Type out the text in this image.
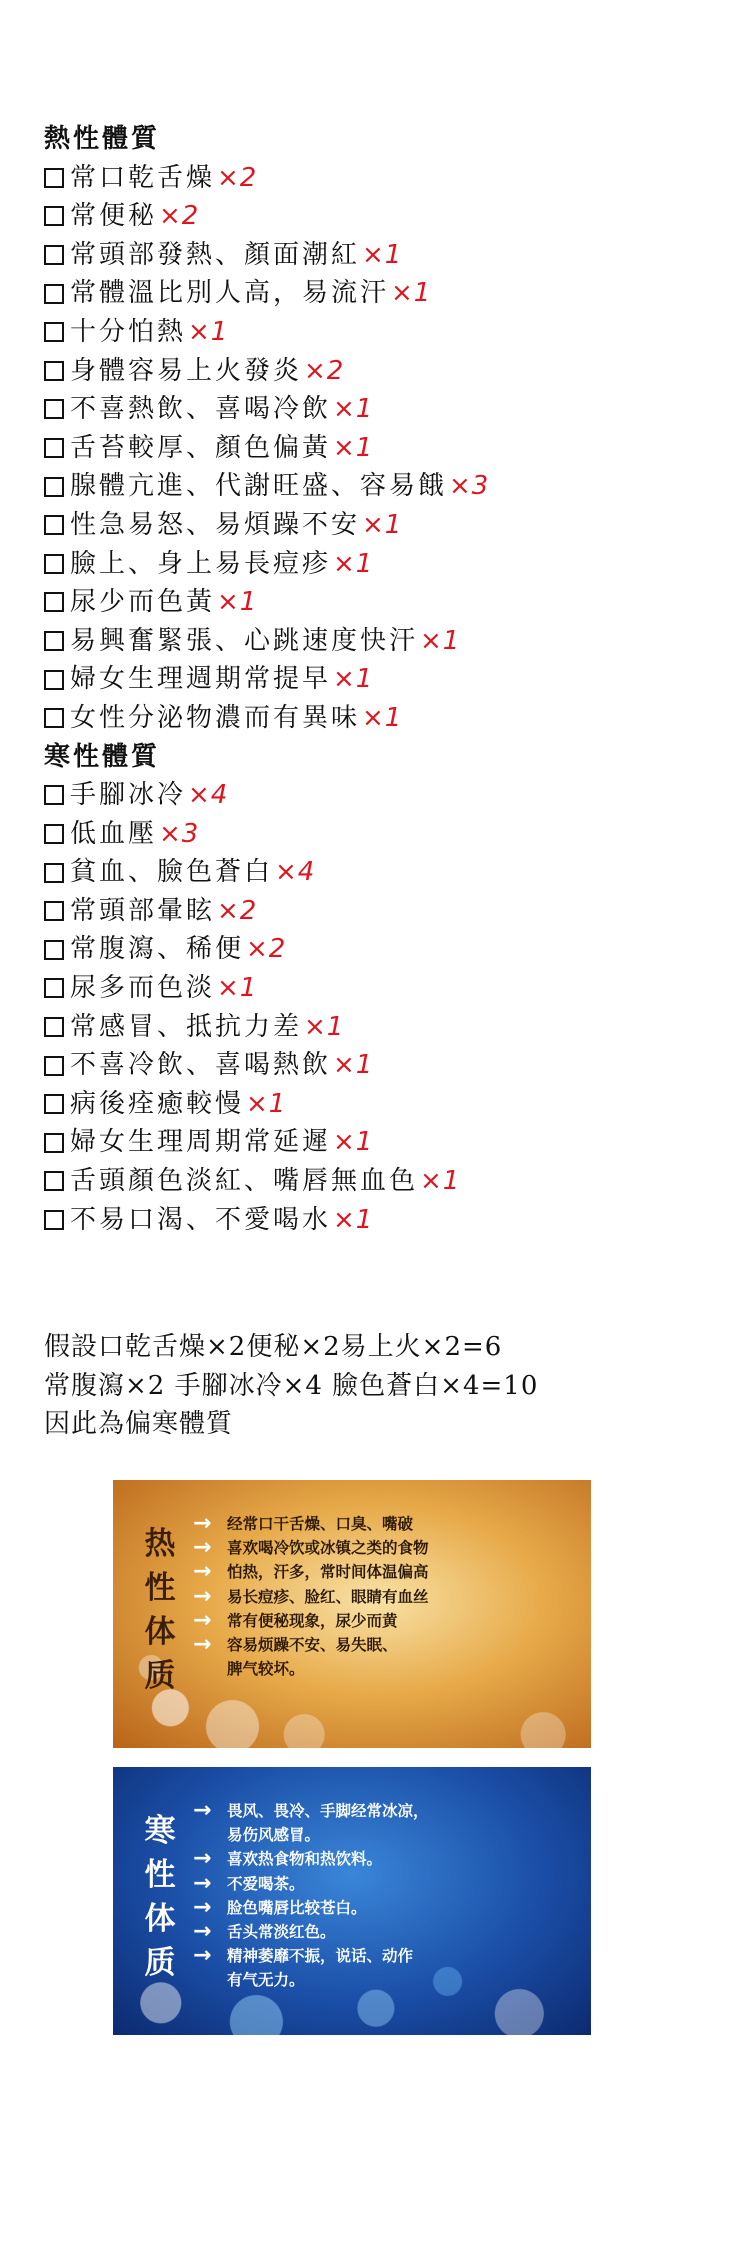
熱性體質
常口乾舌燥 ×2
常便秘 ×2
常頭部發熱、顏面潮紅 ×1
常體溫比別人高，易流汗 ×1
十分怕熱 ×1
身體容易上火發炎 ×2
不喜熱飲、喜喝冷飲 ×1
舌苔較厚、顏色偏黃 ×1
腺體亢進、代謝旺盛、容易餓 ×3
性急易怒、易煩躁不安 ×1
臉上、身上易長痘疹 ×1
尿少而色黃 ×1
易興奮緊張、心跳速度快汗 ×1
婦女生理週期常提早 ×1
女性分泌物濃而有異味 ×1
寒性體質
手腳冰冷 ×4
低血壓 ×3
貧血、臉色蒼白 ×4
常頭部暈眩 ×2
常腹瀉、稀便 ×2
尿多而色淡 ×1
常感冒、抵抗力差 ×1
不喜冷飲、喜喝熱飲 ×1
病後痊癒較慢 ×1
婦女生理周期常延遲 ×1
舌頭顏色淡紅、嘴唇無血色 ×1
不易口渴、不愛喝水 ×1
假設口乾舌燥×2便秘×2易上火×2=6
常腹瀉×2 手腳冰冷×4 臉色蒼白×4=10
因此為偏寒體質
热
性
体
质
→	经常口干舌燥、口臭、嘴破
→	喜欢喝冷饮或冰镇之类的食物
→	怕热，汗多，常时间体温偏高
→	易长痘疹、脸红、眼睛有血丝
→	常有便秘现象，尿少而黄
→	容易烦躁不安、易失眠、
脾气较坏。
寒
性
体
质
→	畏风、畏冷、手脚经常冰凉，
易伤风感冒。
→	喜欢热食物和热饮料。
→	不爱喝茶。
→	脸色嘴唇比较苍白。
→	舌头常淡红色。
→	精神萎靡不振，说话、动作
有气无力。
